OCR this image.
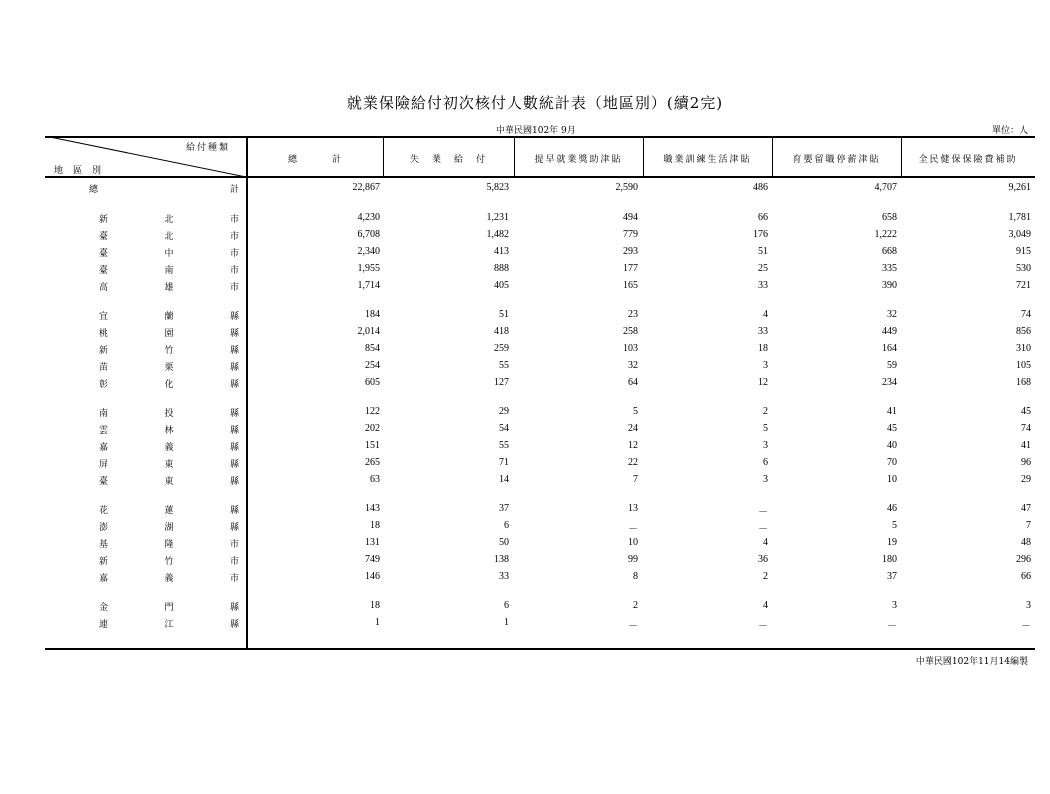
就業保險給付初次核付人數統計表（地區別）(續2完)
中華民國102年 9月	單位：人
給付種類
地區別
總　　　計	失　業　給　付	提早就業獎助津貼	職業訓練生活津貼	育嬰留職停薪津貼	全民健保保險費補助
總	計	22,867	5,823	2,590	486	4,707	9,261
新	北	市	4,230	1,231	494	66	658	1,781
臺	北	市	6,708	1,482	779	176	1,222	3,049
臺	中	市	2,340	413	293	51	668	915
臺	南	市	1,955	888	177	25	335	530
高	雄	市	1,714	405	165	33	390	721
宜	蘭	縣	184	51	23	4	32	74
桃	園	縣	2,014	418	258	33	449	856
新	竹	縣	854	259	103	18	164	310
苗	栗	縣	254	55	32	3	59	105
彰	化	縣	605	127	64	12	234	168
南	投	縣	122	29	5	2	41	45
雲	林	縣	202	54	24	5	45	74
嘉	義	縣	151	55	12	3	40	41
屏	東	縣	265	71	22	6	70	96
臺	東	縣	63	14	7	3	10	29
花	蓮	縣	143	37	13	－	46	47
澎	湖	縣	18	6	－	－	5	7
基	隆	市	131	50	10	4	19	48
新	竹	市	749	138	99	36	180	296
嘉	義	市	146	33	8	2	37	66
金	門	縣	18	6	2	4	3	3
連	江	縣	1	1	－	－	－	－
中華民國102年11月14編製
